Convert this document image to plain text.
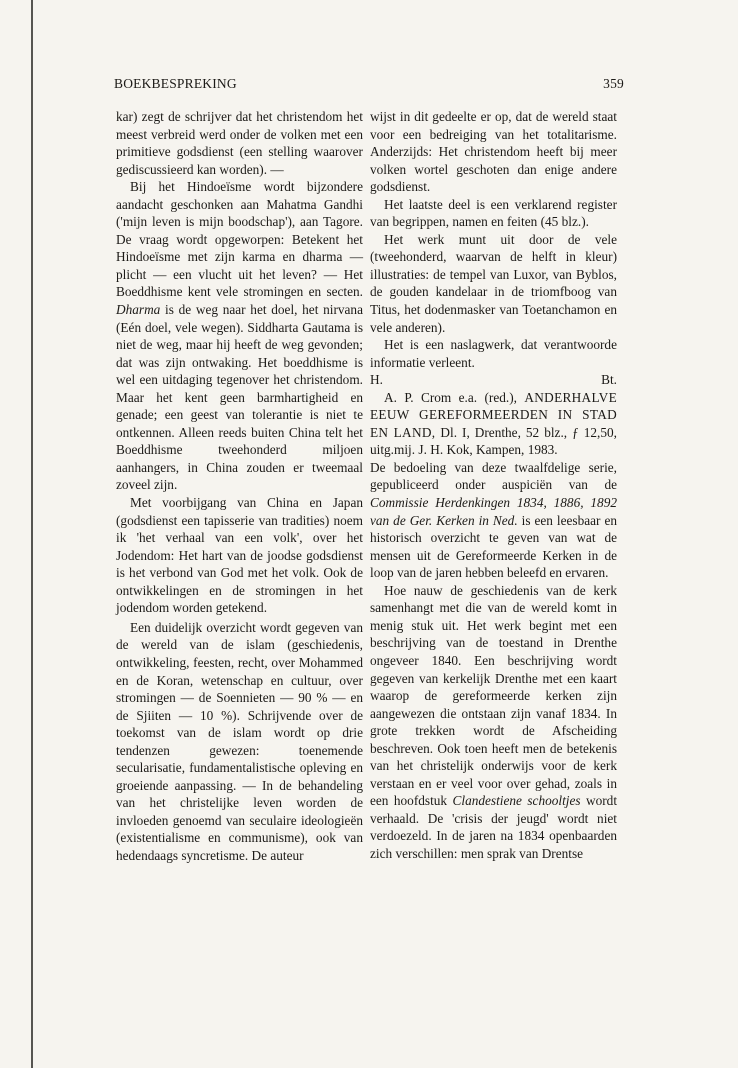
BOEKBESPREKING	359

kar) zegt de schrijver dat het christendom het meest verbreid werd onder de volken met een primitieve godsdienst (een stelling waarover gediscussieerd kan worden). —

Bij het Hindoeïsme wordt bijzondere aandacht geschonken aan Mahatma Gandhi ('mijn leven is mijn boodschap'), aan Tagore. De vraag wordt opgeworpen: Betekent het Hindoeïsme met zijn karma en dharma — plicht — een vlucht uit het leven? — Het Boeddhisme kent vele stromingen en secten. Dharma is de weg naar het doel, het nirvana (Eén doel, vele wegen). Siddharta Gautama is niet de weg, maar hij heeft de weg gevonden; dat was zijn ontwaking. Het boeddhisme is wel een uitdaging tegenover het christendom. Maar het kent geen barmhartigheid en genade; een geest van tolerantie is niet te ontkennen. Alleen reeds buiten China telt het Boeddhisme tweehonderd miljoen aanhangers, in China zouden er tweemaal zoveel zijn.

Met voorbijgang van China en Japan (godsdienst een tapisserie van tradities) noem ik 'het verhaal van een volk', over het Jodendom: Het hart van de joodse godsdienst is het verbond van God met het volk. Ook de ontwikkelingen en de stromingen in het jodendom worden getekend.

Een duidelijk overzicht wordt gegeven van de wereld van de islam (geschiedenis, ontwikkeling, feesten, recht, over Mohammed en de Koran, wetenschap en cultuur, over stromingen — de Soennieten — 90 % — en de Sjiiten — 10 %). Schrijvende over de toekomst van de islam wordt op drie tendenzen gewezen: toenemende secularisatie, fundamentalistische opleving en groeiende aanpassing. — In de behandeling van het christelijke leven worden de invloeden genoemd van seculaire ideologieën (existentialisme en communisme), ook van hedendaags syncretisme. De auteur

wijst in dit gedeelte er op, dat de wereld staat voor een bedreiging van het totalitarisme. Anderzijds: Het christendom heeft bij meer volken wortel geschoten dan enige andere godsdienst.

Het laatste deel is een verklarend register van begrippen, namen en feiten (45 blz.).

Het werk munt uit door de vele (tweehonderd, waarvan de helft in kleur) illustraties: de tempel van Luxor, van Byblos, de gouden kandelaar in de triomfboog van Titus, het dodenmasker van Toetanchamon en vele anderen).

Het is een naslagwerk, dat verantwoorde informatie verleent.

H.	Bt.

A. P. Crom e.a. (red.), ANDERHALVE EEUW GEREFORMEERDEN IN STAD EN LAND, Dl. I, Drenthe, 52 blz., ƒ 12,50, uitg.mij. J. H. Kok, Kampen, 1983.

De bedoeling van deze twaalfdelige serie, gepubliceerd onder auspiciën van de Commissie Herdenkingen 1834, 1886, 1892 van de Ger. Kerken in Ned. is een leesbaar en historisch overzicht te geven van wat de mensen uit de Gereformeerde Kerken in de loop van de jaren hebben beleefd en ervaren.

Hoe nauw de geschiedenis van de kerk samenhangt met die van de wereld komt in menig stuk uit. Het werk begint met een beschrijving van de toestand in Drenthe ongeveer 1840. Een beschrijving wordt gegeven van kerkelijk Drenthe met een kaart waarop de gereformeerde kerken zijn aangewezen die ontstaan zijn vanaf 1834. In grote trekken wordt de Afscheiding beschreven. Ook toen heeft men de betekenis van het christelijk onderwijs voor de kerk verstaan en er veel voor over gehad, zoals in een hoofdstuk Clandestiene schooltjes wordt verhaald. De 'crisis der jeugd' wordt niet verdoezeld. In de jaren na 1834 openbaarden zich verschillen: men sprak van Drentse
